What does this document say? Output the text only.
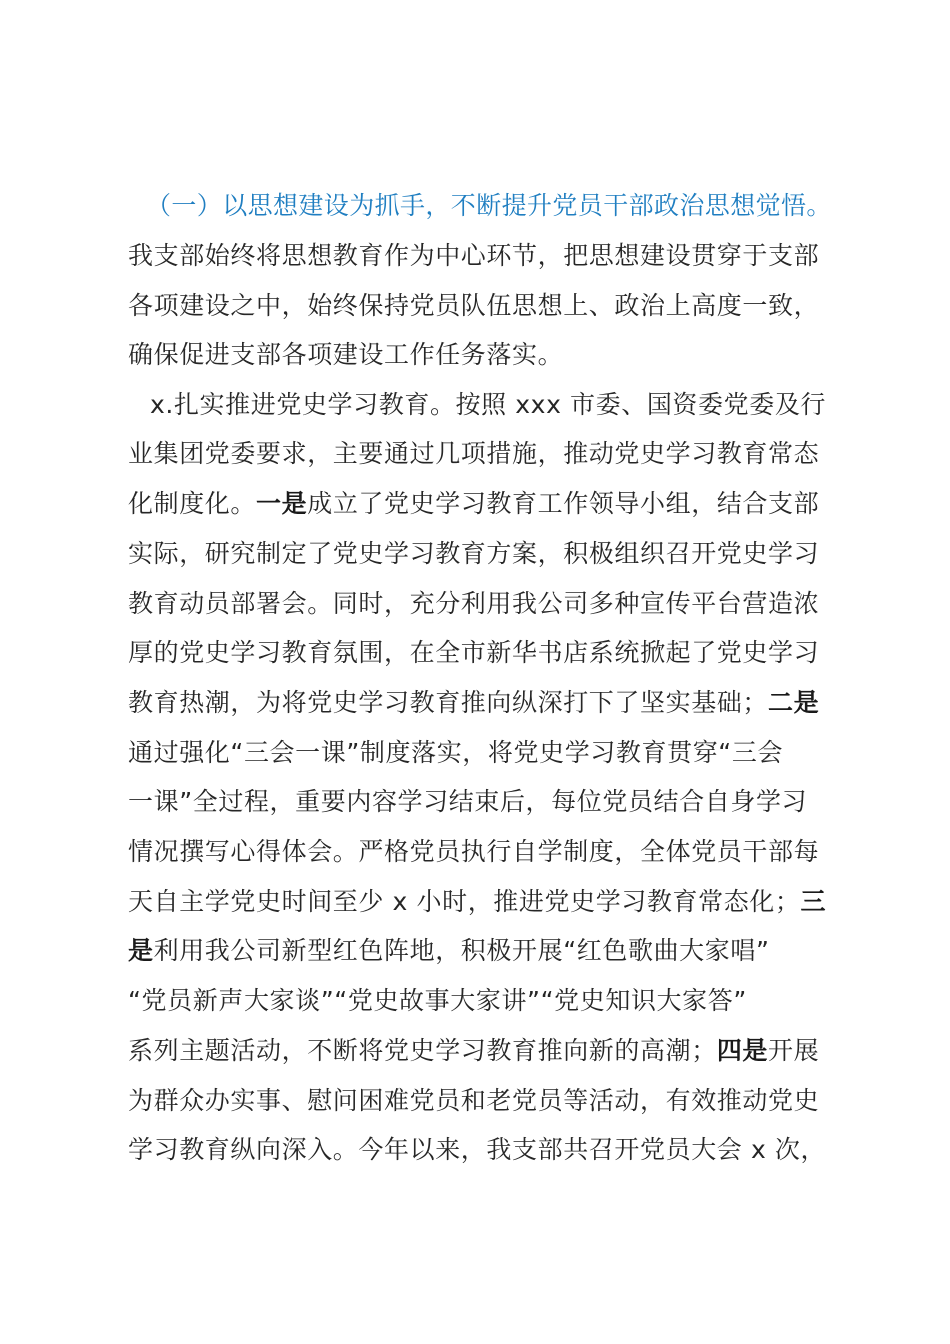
（一）以思想建设为抓手，不断提升党员干部政治思想觉悟。
我支部始终将思想教育作为中心环节，把思想建设贯穿于支部
各项建设之中，始终保持党员队伍思想上、政治上高度一致，
确保促进支部各项建设工作任务落实。
x.扎实推进党史学习教育。按照 xxx 市委、国资委党委及行
业集团党委要求，主要通过几项措施，推动党史学习教育常态
化制度化。一是成立了党史学习教育工作领导小组，结合支部
实际，研究制定了党史学习教育方案，积极组织召开党史学习
教育动员部署会。同时，充分利用我公司多种宣传平台营造浓
厚的党史学习教育氛围，在全市新华书店系统掀起了党史学习
教育热潮，为将党史学习教育推向纵深打下了坚实基础；二是
通过强化“三会一课”制度落实，将党史学习教育贯穿“三会
一课”全过程，重要内容学习结束后，每位党员结合自身学习
情况撰写心得体会。严格党员执行自学制度，全体党员干部每
天自主学党史时间至少 x 小时，推进党史学习教育常态化；三
是利用我公司新型红色阵地，积极开展“红色歌曲大家唱”
“党员新声大家谈”“党史故事大家讲”“党史知识大家答”
系列主题活动，不断将党史学习教育推向新的高潮；四是开展
为群众办实事、慰问困难党员和老党员等活动，有效推动党史
学习教育纵向深入。今年以来，我支部共召开党员大会 x 次，
